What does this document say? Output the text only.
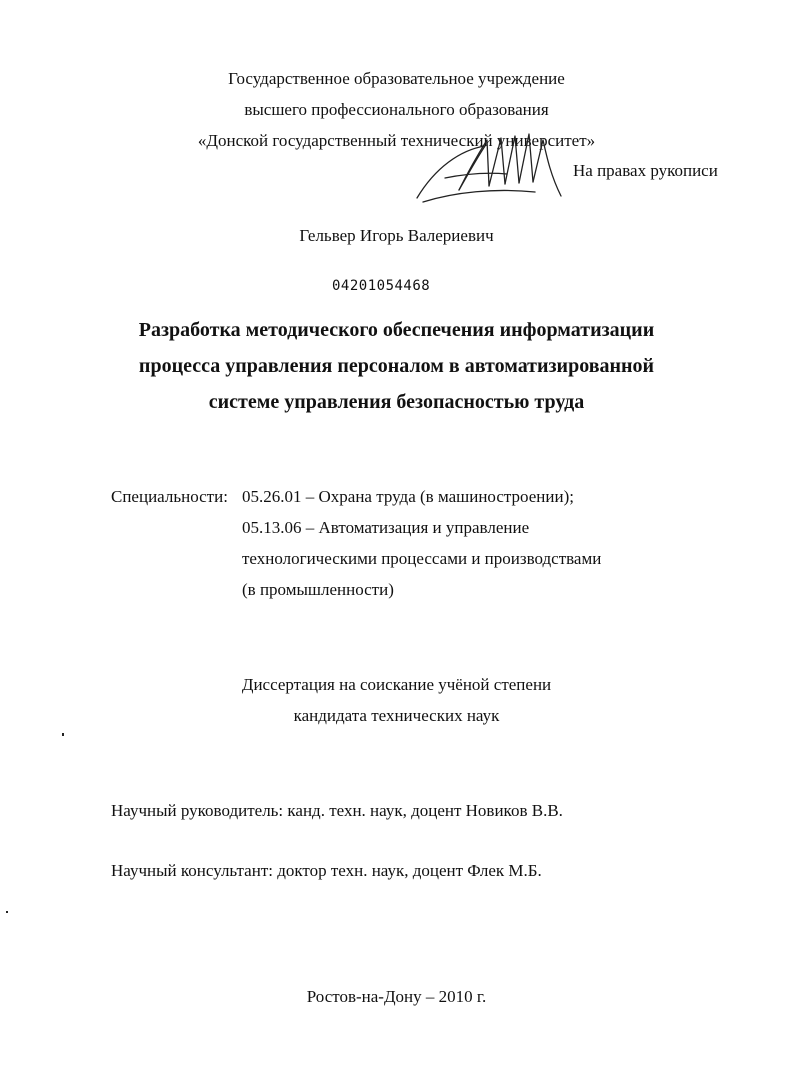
Государственное образовательное учреждение
высшего профессионального образования
«Донской государственный технический университет»
На правах рукописи
Гельвер Игорь Валериевич
04201054468
Разработка методического обеспечения информатизации
процесса управления персоналом в автоматизированной
системе управления безопасностью труда
Специальности: 05.26.01 – Охрана труда (в машиностроении);
05.13.06 – Автоматизация и управление
технологическими процессами и производствами
(в промышленности)
Диссертация на соискание учёной степени
кандидата технических наук
Научный руководитель: канд. техн. наук, доцент Новиков В.В.
Научный консультант: доктор техн. наук, доцент Флек М.Б.
Ростов-на-Дону – 2010 г.
